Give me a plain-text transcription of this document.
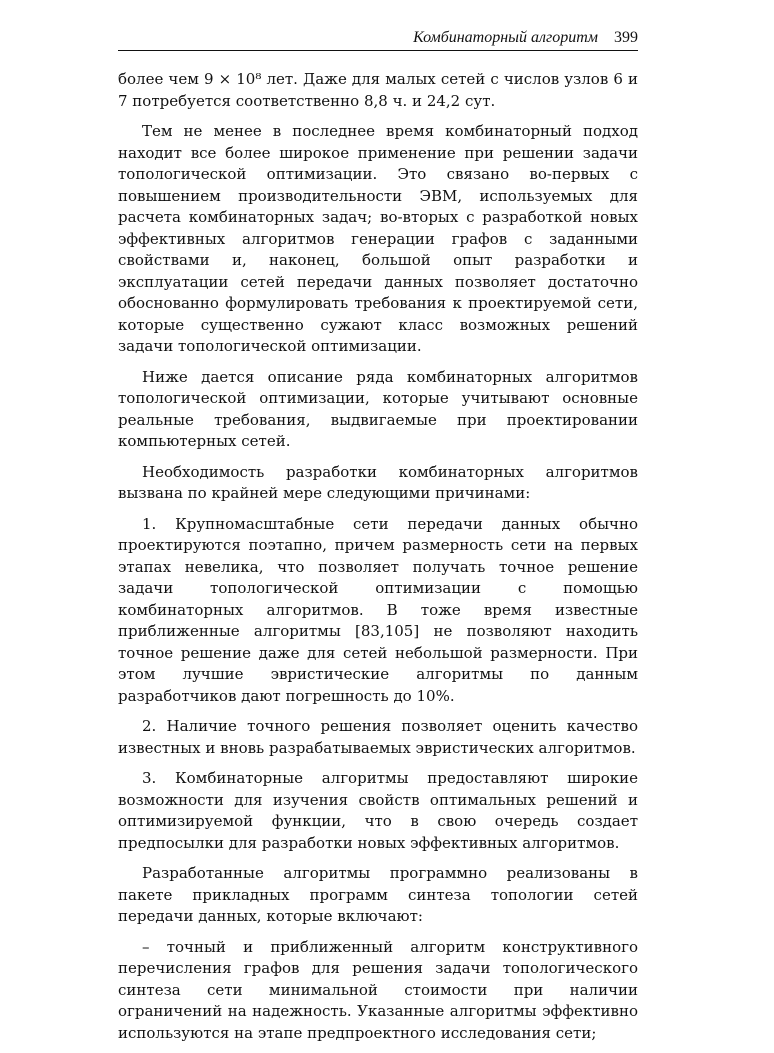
Комбинаторный алгоритм 399

более чем 9 × 10⁸ лет. Даже для малых сетей с числов узлов 6 и 7 потребуется соответственно 8,8 ч. и 24,2 сут.

Тем не менее в последнее время комбинаторный подход находит все более широкое применение при решении задачи топологической оптимизации. Это связано во-первых с повышением производительности ЭВМ, используемых для расчета комбинаторных задач; во-вторых с разработкой новых эффективных алгоритмов генерации графов с заданными свойствами и, наконец, большой опыт разработки и эксплуатации сетей передачи данных позволяет достаточно обоснованно формулировать требования к проектируемой сети, которые существенно сужают класс возможных решений задачи топологической оптимизации.

Ниже дается описание ряда комбинаторных алгоритмов топологической оптимизации, которые учитывают основные реальные требования, выдвигаемые при проектировании компьютерных сетей.

Необходимость разработки комбинаторных алгоритмов вызвана по крайней мере следующими причинами:

1. Крупномасштабные сети передачи данных обычно проектируются поэтапно, причем размерность сети на первых этапах невелика, что позволяет получать точное решение задачи топологической оптимизации с помощью комбинаторных алгоритмов. В тоже время известные приближенные алгоритмы [83,105] не позволяют находить точное решение даже для сетей небольшой размерности. При этом лучшие эвристические алгоритмы по данным разработчиков дают погрешность до 10%.

2. Наличие точного решения позволяет оценить качество известных и вновь разрабатываемых эвристических алгоритмов.

3. Комбинаторные алгоритмы предоставляют широкие возможности для изучения свойств оптимальных решений и оптимизируемой функции, что в свою очередь создает предпосылки для разработки новых эффективных алгоритмов.

Разработанные алгоритмы программно реализованы в пакете прикладных программ синтеза топологии сетей передачи данных, которые включают:

– точный и приближенный алгоритм конструктивного перечисления графов для решения задачи топологического синтеза сети минимальной стоимости при наличии ограничений на надежность. Указанные алгоритмы эффективно используются на этапе предпроектного исследования сети;
